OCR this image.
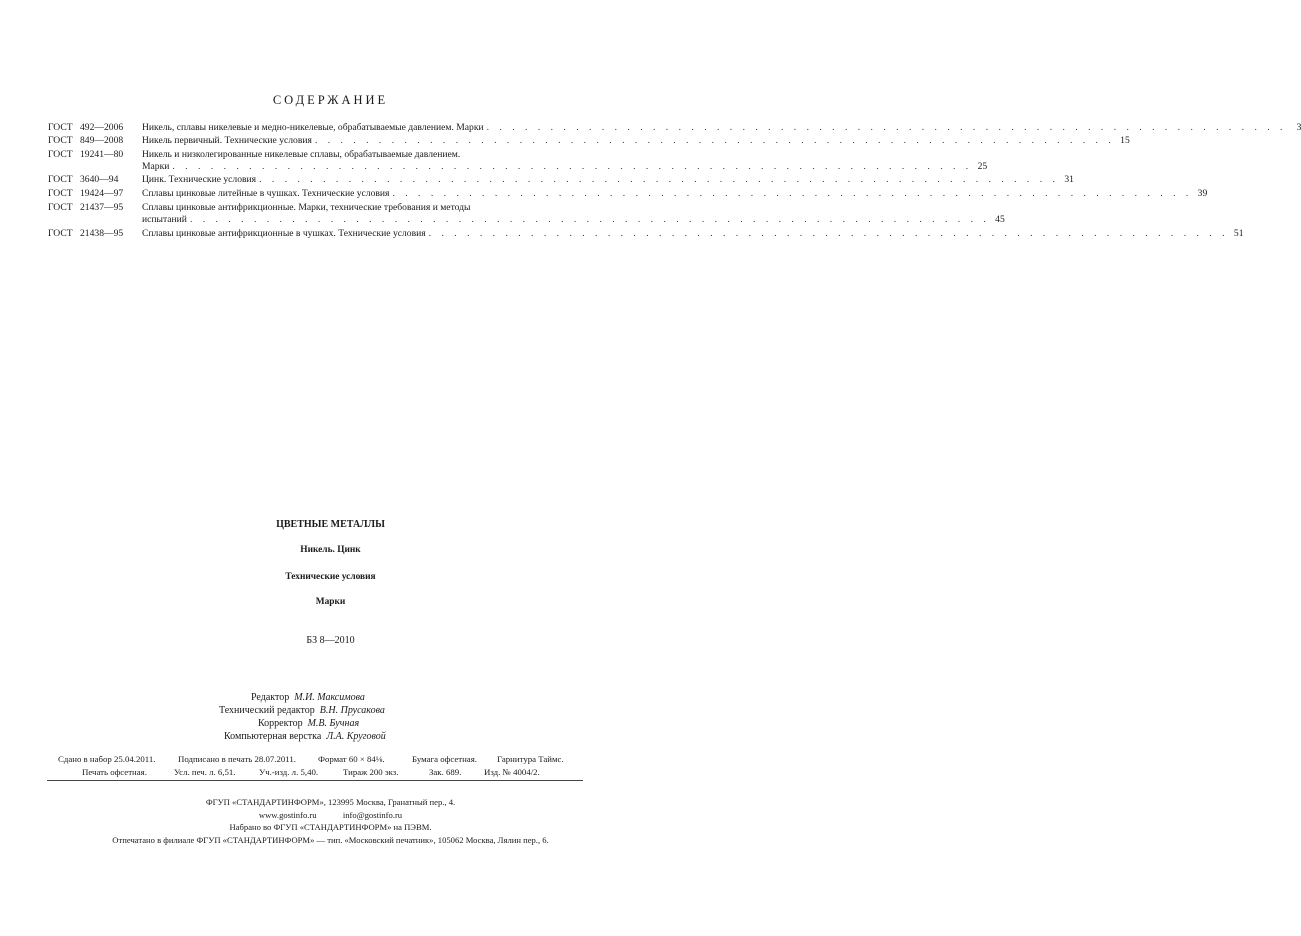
СОДЕРЖАНИЕ
ГОСТ 492—2006 Никель, сплавы никелевые и медно-никелевые, обрабатываемые давлением. Марки . . . . . . . . . . . . . . . . . . . . . . . . . . . . . . . . . . . . . . . . . . . . . . . . . . . . . . . . . . . . . . .	3
ГОСТ 849—2008 Никель первичный. Технические условия . . . . . . . . . . . . . . . . . . . . . . . . . . . . . . . . . . . . . . . . . . . . . . . . . . . . . . . . . . . . . . . 15
ГОСТ 19241—80 Никель и низколегированные никелевые сплавы, обрабатываемые давлением.
Марки . . . . . . . . . . . . . . . . . . . . . . . . . . . . . . . . . . . . . . . . . . . . . . . . . . . . . . . . . . . . . . . 25
ГОСТ 3640—94 Цинк. Технические условия . . . . . . . . . . . . . . . . . . . . . . . . . . . . . . . . . . . . . . . . . . . . . . . . . . . . . . . . . . . . . . . 31
ГОСТ 19424—97 Сплавы цинковые литейные в чушках. Технические условия . . . . . . . . . . . . . . . . . . . . . . . . . . . . . . . . . . . . . . . . . . . . . . . . . . . . . . . . . . . . . . . 39
ГОСТ 21437—95 Сплавы цинковые антифрикционные. Марки, технические требования и методы
испытаний . . . . . . . . . . . . . . . . . . . . . . . . . . . . . . . . . . . . . . . . . . . . . . . . . . . . . . . . . . . . . . . 45
ГОСТ 21438—95 Сплавы цинковые антифрикционные в чушках. Технические условия . . . . . . . . . . . . . . . . . . . . . . . . . . . . . . . . . . . . . . . . . . . . . . . . . . . . . . . . . . . . . . . 51
ЦВЕТНЫЕ МЕТАЛЛЫ
Никель. Цинк
Технические условия
Марки
БЗ 8—2010
Редактор М.И. Максимова
Технический редактор В.Н. Прусакова
Корректор М.В. Бучная
Компьютерная верстка Л.А. Круговой
Сдано в набор 25.04.2011.	Подписано в печать 28.07.2011.	Формат 60 × 84⅛.	Бумага офсетная. Гарнитура Таймс.
Печать офсетная.	Усл. печ. л. 6,51.	Уч.-изд. л. 5,40.	Тираж 200 экз.	Зак. 689.	Изд. № 4004/2.
ФГУП «СТАНДАРТИНФОРМ», 123995 Москва, Гранатный пер., 4.
www.gostinfo.ru	info@gostinfo.ru
Набрано во ФГУП «СТАНДАРТИНФОРМ» на ПЭВМ.
Отпечатано в филиале ФГУП «СТАНДАРТИНФОРМ» — тип. «Московский печатник», 105062 Москва, Лялин пер., 6.
